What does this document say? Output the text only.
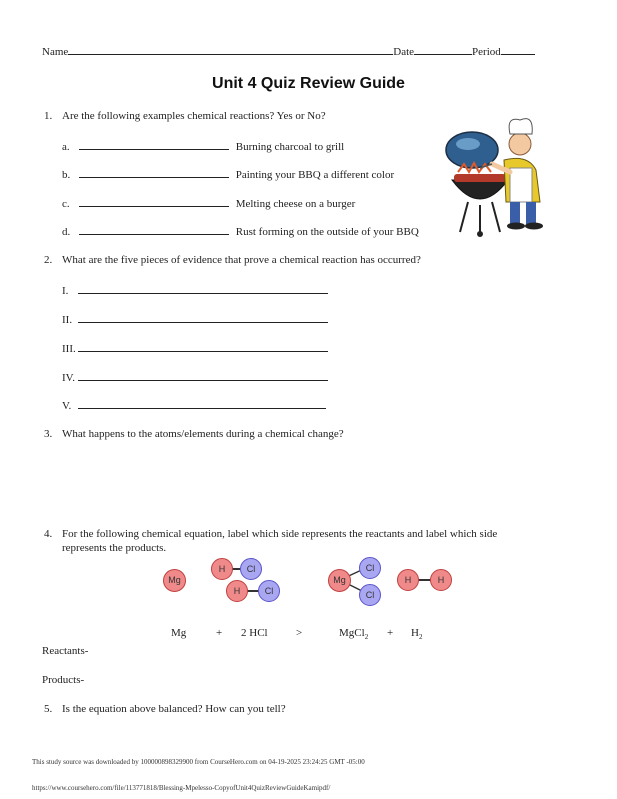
Name	Date	Period
Unit 4 Quiz Review Guide
1. Are the following examples chemical reactions? Yes or No?
a.	Burning charcoal to grill
b.	Painting your BBQ a different color
c.	Melting cheese on a burger
d.	Rust forming on the outside of your BBQ
2. What are the five pieces of evidence that prove a chemical reaction has occurred?
I.
II.
III.
IV.
V.
3. What happens to the atoms/elements during a chemical change?
4. For the following chemical equation, label which side represents the reactants and label which side
represents the products.
Mg
H	Cl
H	Cl
Mg
Cl
Cl
H	H
Mg	+ 2 HCl	>	MgCl$_2$ + $H_2$
Reactants-
Products-
5. Is the equation above balanced? How can you tell?
This study source was downloaded by 100000898329900 from CourseHero.com on 04-19-2025 23:24:25 GMT -05:00
https://www.coursehero.com/file/113771818/Blessing-Mpelesso-CopyofUnit4QuizReviewGuideKamipdf/
